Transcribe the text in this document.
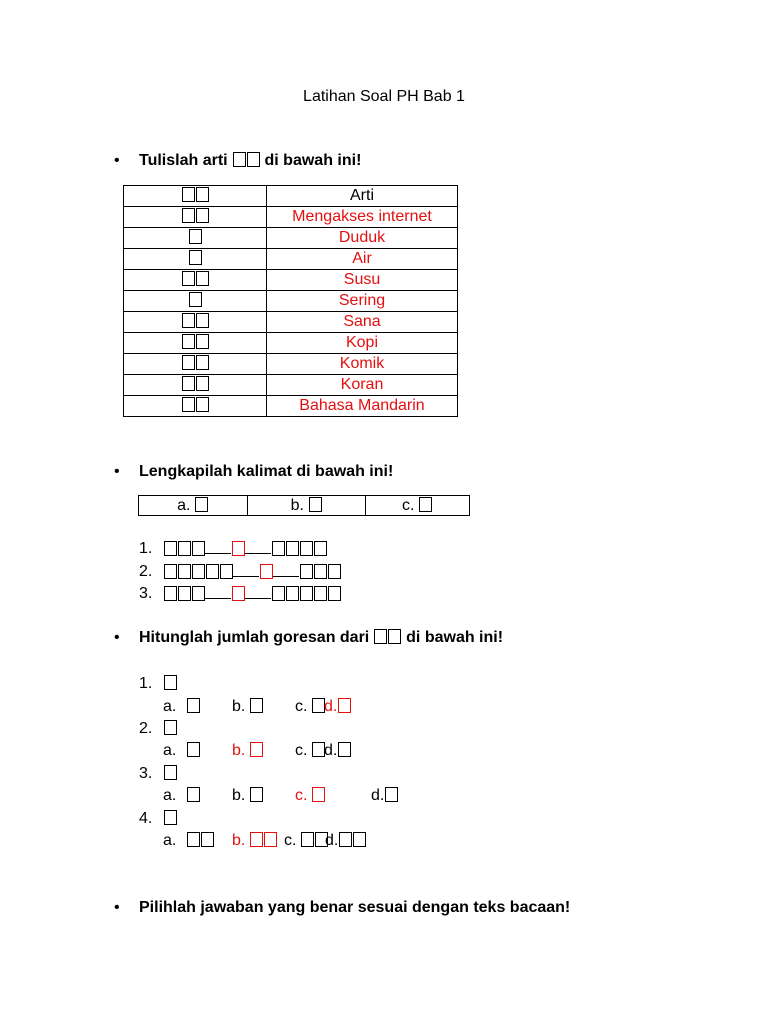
Latihan Soal PH Bab 1
• Tulislah arti di bawah ini!
	Arti
	Mengakses internet
	Duduk
	Air
	Susu
	Sering
	Sana
	Kopi
	Komik
	Koran
	Bahasa Mandarin
• Lengkapilah kalimat di bawah ini!
a.	b.	c.
1.
2.
3.
• Hitunglah jumlah goresan dari di bawah ini!
1.
a.	b.	c.	d.
2.
a.	b.	c.	d.
3.
a.	b.	c.	d.
4.
a.	b.	c.	d.
• Pilihlah jawaban yang benar sesuai dengan teks bacaan!
